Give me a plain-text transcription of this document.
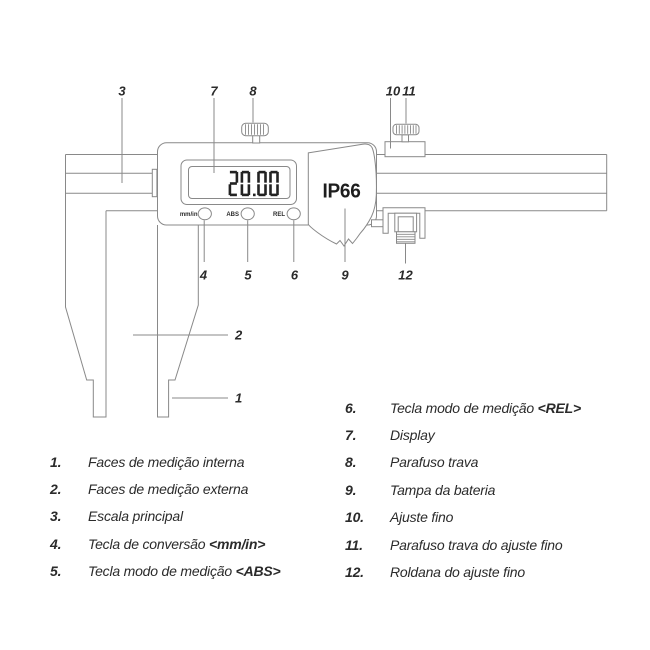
mm/in	ABS	REL
IP66
3	7 8	10 11
4	5	6	9	12
2
1
1.	Faces de medição interna
2.	Faces de medição externa
3.	Escala principal
4.	Tecla de conversão <mm/in>
5.	Tecla modo de medição <ABS>
6.	Tecla modo de medição <REL>
7.	Display
8.	Parafuso trava
9.	Tampa da bateria
10.	Ajuste fino
11.	Parafuso trava do ajuste fino
12.	Roldana do ajuste fino
